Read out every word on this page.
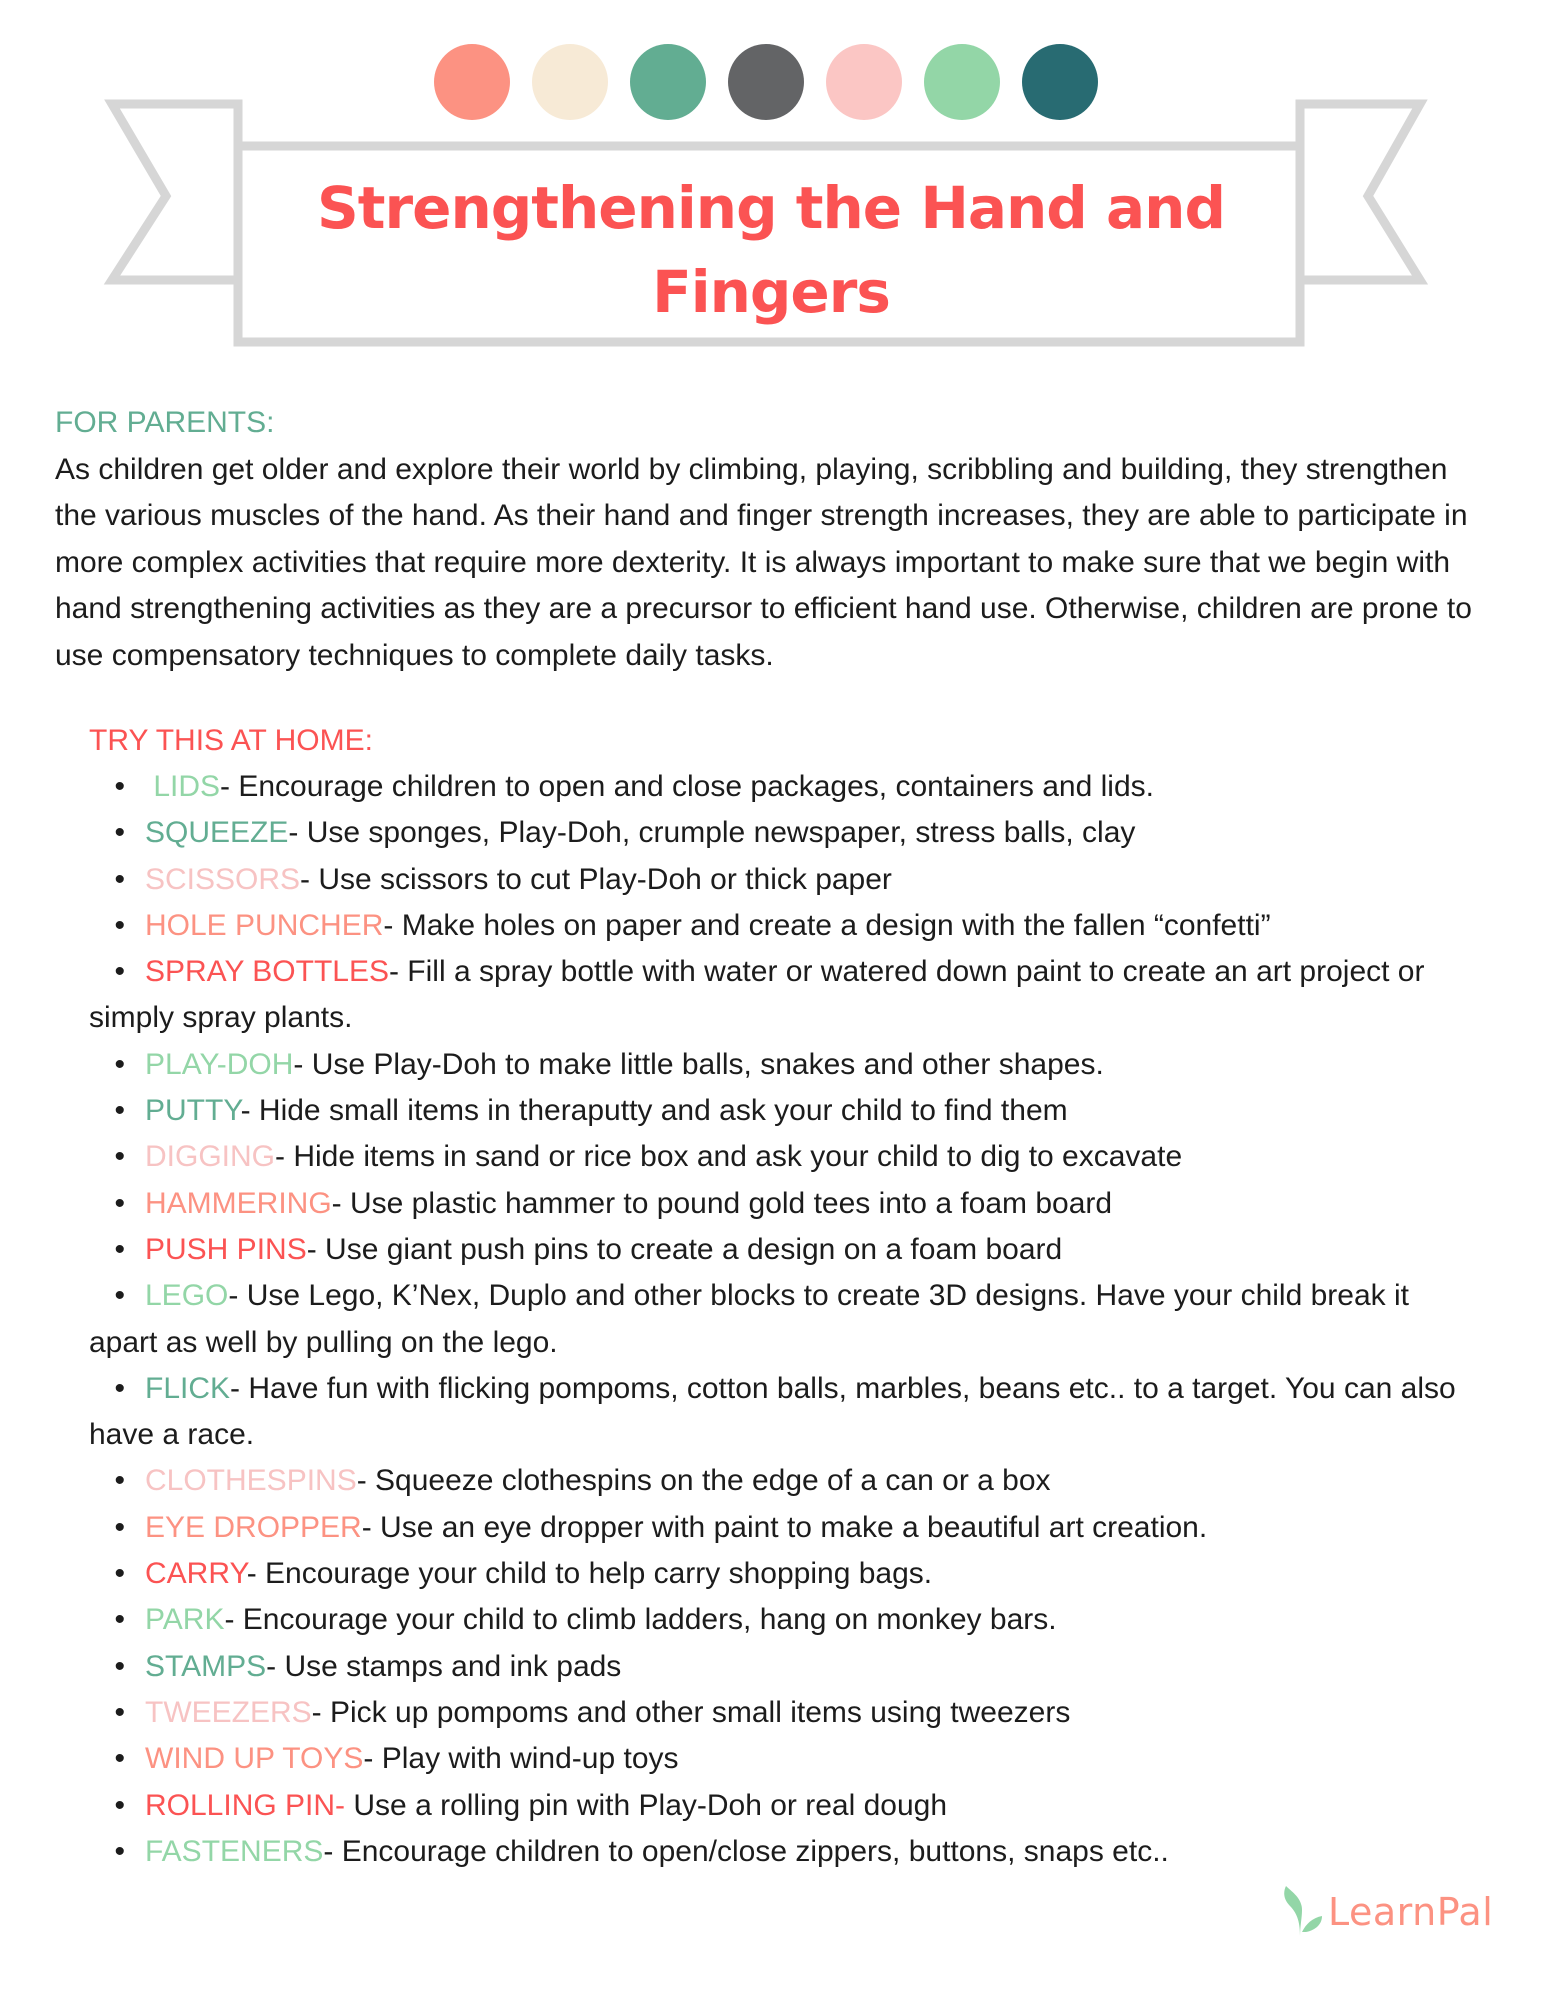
Strengthening the Hand and
Fingers
FOR PARENTS:
As children get older and explore their world by climbing, playing, scribbling and building, they strengthen the various muscles of the hand. As their hand and finger strength increases, they are able to participate in more complex activities that require more dexterity. It is always important to make sure that we begin with hand strengthening activities as they are a precursor to efficient hand use. Otherwise, children are prone to use compensatory techniques to complete daily tasks.
TRY THIS AT HOME:
• LIDS- Encourage children to open and close packages, containers and lids.
•SQUEEZE- Use sponges, Play-Doh, crumple newspaper, stress balls, clay
•SCISSORS- Use scissors to cut Play-Doh or thick paper
•HOLE PUNCHER- Make holes on paper and create a design with the fallen “confetti”
•SPRAY BOTTLES- Fill a spray bottle with water or watered down paint to create an art project or simply spray plants.
•PLAY-DOH- Use Play-Doh to make little balls, snakes and other shapes.
•PUTTY- Hide small items in theraputty and ask your child to find them
•DIGGING- Hide items in sand or rice box and ask your child to dig to excavate
•HAMMERING- Use plastic hammer to pound gold tees into a foam board
•PUSH PINS- Use giant push pins to create a design on a foam board
•LEGO- Use Lego, K’Nex, Duplo and other blocks to create 3D designs. Have your child break it apart as well by pulling on the lego.
•FLICK- Have fun with flicking pompoms, cotton balls, marbles, beans etc.. to a target. You can also have a race.
•CLOTHESPINS- Squeeze clothespins on the edge of a can or a box
•EYE DROPPER- Use an eye dropper with paint to make a beautiful art creation.
•CARRY- Encourage your child to help carry shopping bags.
•PARK- Encourage your child to climb ladders, hang on monkey bars.
•STAMPS- Use stamps and ink pads
•TWEEZERS- Pick up pompoms and other small items using tweezers
•WIND UP TOYS- Play with wind-up toys
•ROLLING PIN- Use a rolling pin with Play-Doh or real dough
•FASTENERS- Encourage children to open/close zippers, buttons, snaps etc..
LearnPal
